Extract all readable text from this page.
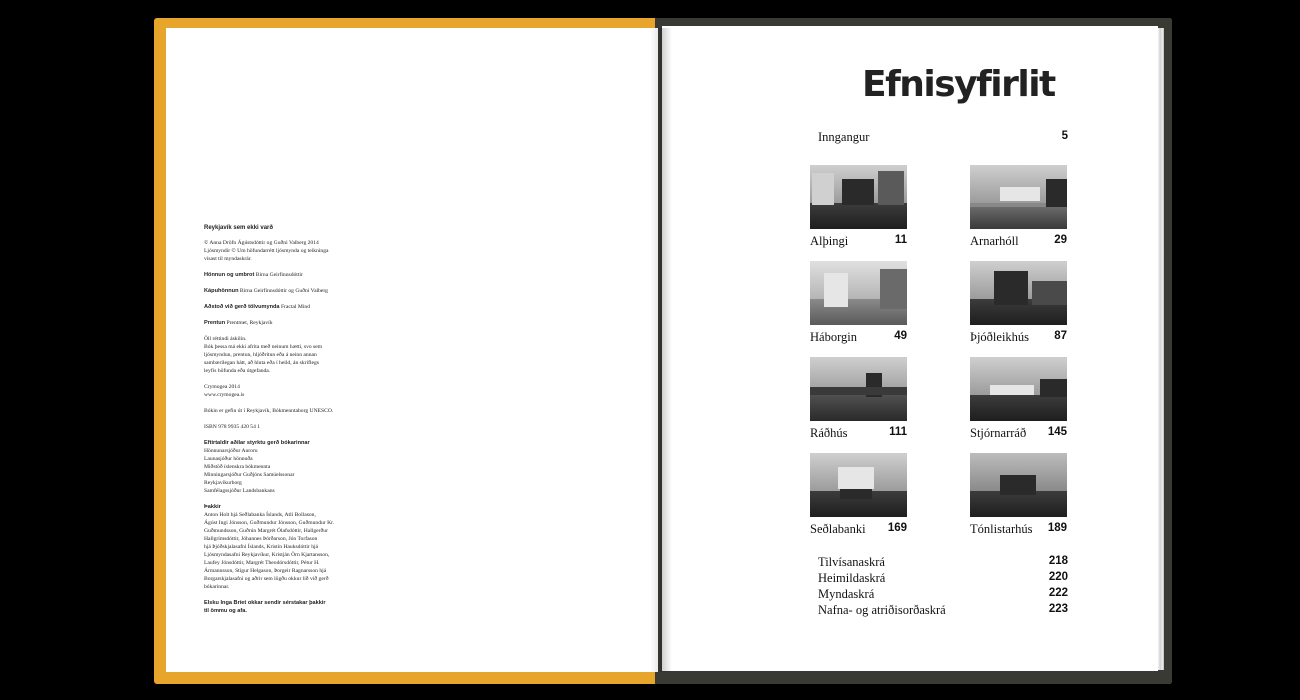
Reykjavík sem ekki varð

© Anna Dröfn Ágústsdóttir og Guðni Valberg 2014
Ljósmyndir © Um höfundarrétt ljósmynda og teikninga
vísast til myndaskrár.

Hönnun og umbrot Birna Geirfinnsdóttir

Kápuhönnun Birna Geirfinnsdóttir og Guðni Valberg

Aðstoð við gerð tölvumynda Fractal Mind

Prentun Prentmet, Reykjavík

Öll réttindi áskilin.
Bók þessa má ekki afrita með neinum hætti, svo sem
ljósmyndun, prentun, hljóðritun eða á neinn annan
sambærilegan hátt, að hluta eða í heild, án skriflegs
leyfis höfunda eða útgefanda.

Crymogea 2014
www.crymogea.is

Bókin er gefin út í Reykjavík, Bókmenntaborg UNESCO.

ISBN 978 9935 420 54 1

Eftirtaldir aðilar styrktu gerð bókarinnar
Hönnunarsjóður Auroru
Launasjóður hönnuða
Miðstöð íslenskra bókmennta
Minningarsjóður Guðjóns Samúelssonar
Reykjavíkurborg
Samfélagssjóður Landsbankans

Þakkir
Anton Holt hjá Seðlabanka Íslands, Atli Bollason,
Ágúst Ingi Jónsson, Guðmundur Jónsson, Guðmundur Kr.
Guðmundsson, Guðrún Margrét Ólafsdóttir, Hallgerður
Hallgrímsdóttir, Jóhannes Þórðarson, Jón Torfason
hjá Þjóðskjalasafni Íslands, Kristín Hauksdóttir hjá
Ljósmyndasafni Reykjavíkur, Kristján Örn Kjartansson,
Laufey Jónsdóttir, Margrét Theodórsdóttir, Pétur H.
Ármannsson, Stígur Helgason, Þorgeir Ragnarsson hjá
Borgarskjalasafni og aðrir sem lögðu okkur lið við gerð
bókarinnar.

Elsku Inga Bríet okkar sendir sérstakar þakkir
til ömmu og afa.

Efnisyfirlit
Inngangur	5
Alþingi	11	Arnarhóll	29
Háborgin	49	Þjóðleikhús 87
Ráðhús	111	Stjórnarráð 145
Seðlabanki 169	Tónlistarhús 189
Tilvísanaskrá	218
Heimildaskrá	220
Myndaskrá	222
Nafna- og atriðisorðaskrá	223
